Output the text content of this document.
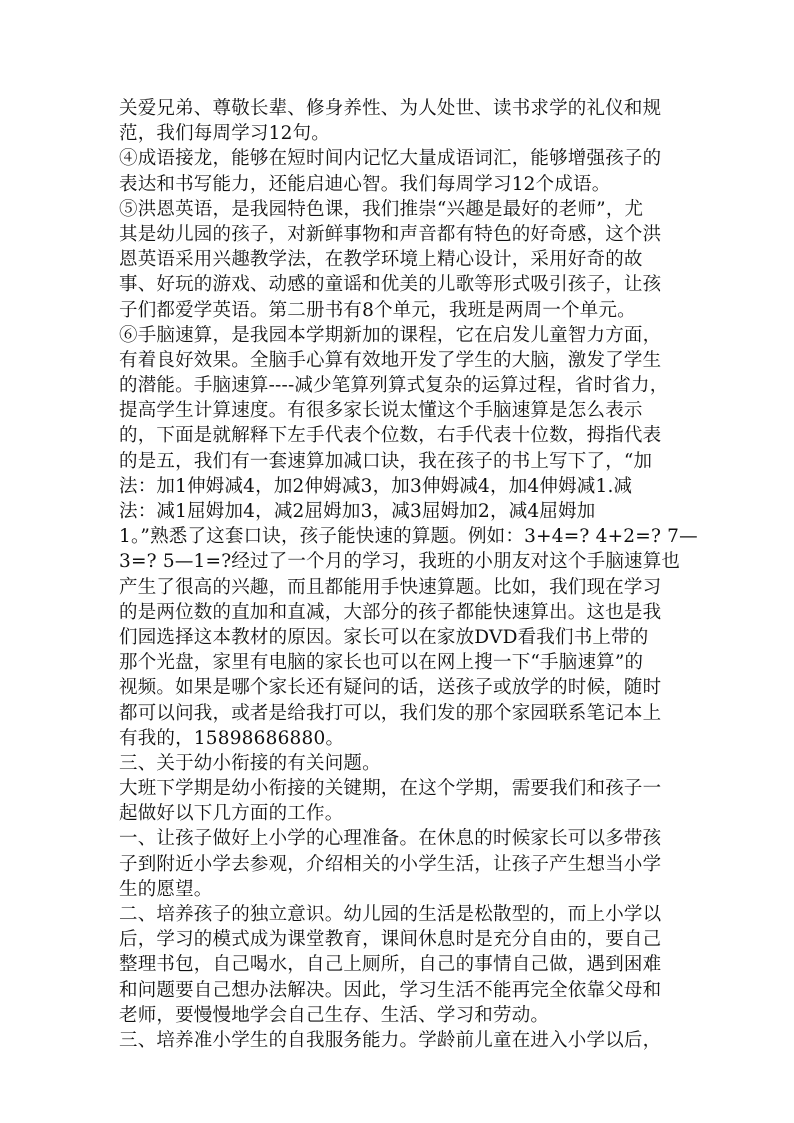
关爱兄弟、尊敬长辈、修身养性、为人处世、读书求学的礼仪和规
范，我们每周学习12句。
④成语接龙，能够在短时间内记忆大量成语词汇，能够增强孩子的
表达和书写能力，还能启迪心智。我们每周学习12个成语。
⑤洪恩英语，是我园特色课，我们推崇“兴趣是最好的老师”，尤
其是幼儿园的孩子，对新鲜事物和声音都有特色的好奇感，这个洪
恩英语采用兴趣教学法，在教学环境上精心设计，采用好奇的故
事、好玩的游戏、动感的童谣和优美的儿歌等形式吸引孩子，让孩
子们都爱学英语。第二册书有8个单元，我班是两周一个单元。
⑥手脑速算，是我园本学期新加的课程，它在启发儿童智力方面，
有着良好效果。全脑手心算有效地开发了学生的大脑，激发了学生
的潜能。手脑速算----减少笔算列算式复杂的运算过程，省时省力，
提高学生计算速度。有很多家长说太懂这个手脑速算是怎么表示
的，下面是就解释下左手代表个位数，右手代表十位数，拇指代表
的是五，我们有一套速算加减口诀，我在孩子的书上写下了，“加
法：加1伸姆减4，加2伸姆减3，加3伸姆减4，加4伸姆减1.减
法：减1屈姆加4，减2屈姆加3，减3屈姆加2，减4屈姆加
1。”熟悉了这套口诀，孩子能快速的算题。例如：3+4=? 4+2=? 7—
3=? 5—1=?经过了一个月的学习，我班的小朋友对这个手脑速算也
产生了很高的兴趣，而且都能用手快速算题。比如，我们现在学习
的是两位数的直加和直减，大部分的孩子都能快速算出。这也是我
们园选择这本教材的原因。家长可以在家放DVD看我们书上带的
那个光盘，家里有电脑的家长也可以在网上搜一下“手脑速算”的
视频。如果是哪个家长还有疑问的话，送孩子或放学的时候，随时
都可以问我，或者是给我打可以，我们发的那个家园联系笔记本上
有我的，15898686880。
三、关于幼小衔接的有关问题。
大班下学期是幼小衔接的关键期，在这个学期，需要我们和孩子一
起做好以下几方面的工作。
一、让孩子做好上小学的心理准备。在休息的时候家长可以多带孩
子到附近小学去参观，介绍相关的小学生活，让孩子产生想当小学
生的愿望。
二、培养孩子的独立意识。幼儿园的生活是松散型的，而上小学以
后，学习的模式成为课堂教育，课间休息时是充分自由的，要自己
整理书包，自己喝水，自己上厕所，自己的事情自己做，遇到困难
和问题要自己想办法解决。因此，学习生活不能再完全依靠父母和
老师，要慢慢地学会自己生存、生活、学习和劳动。
三、培养准小学生的自我服务能力。学龄前儿童在进入小学以后，
